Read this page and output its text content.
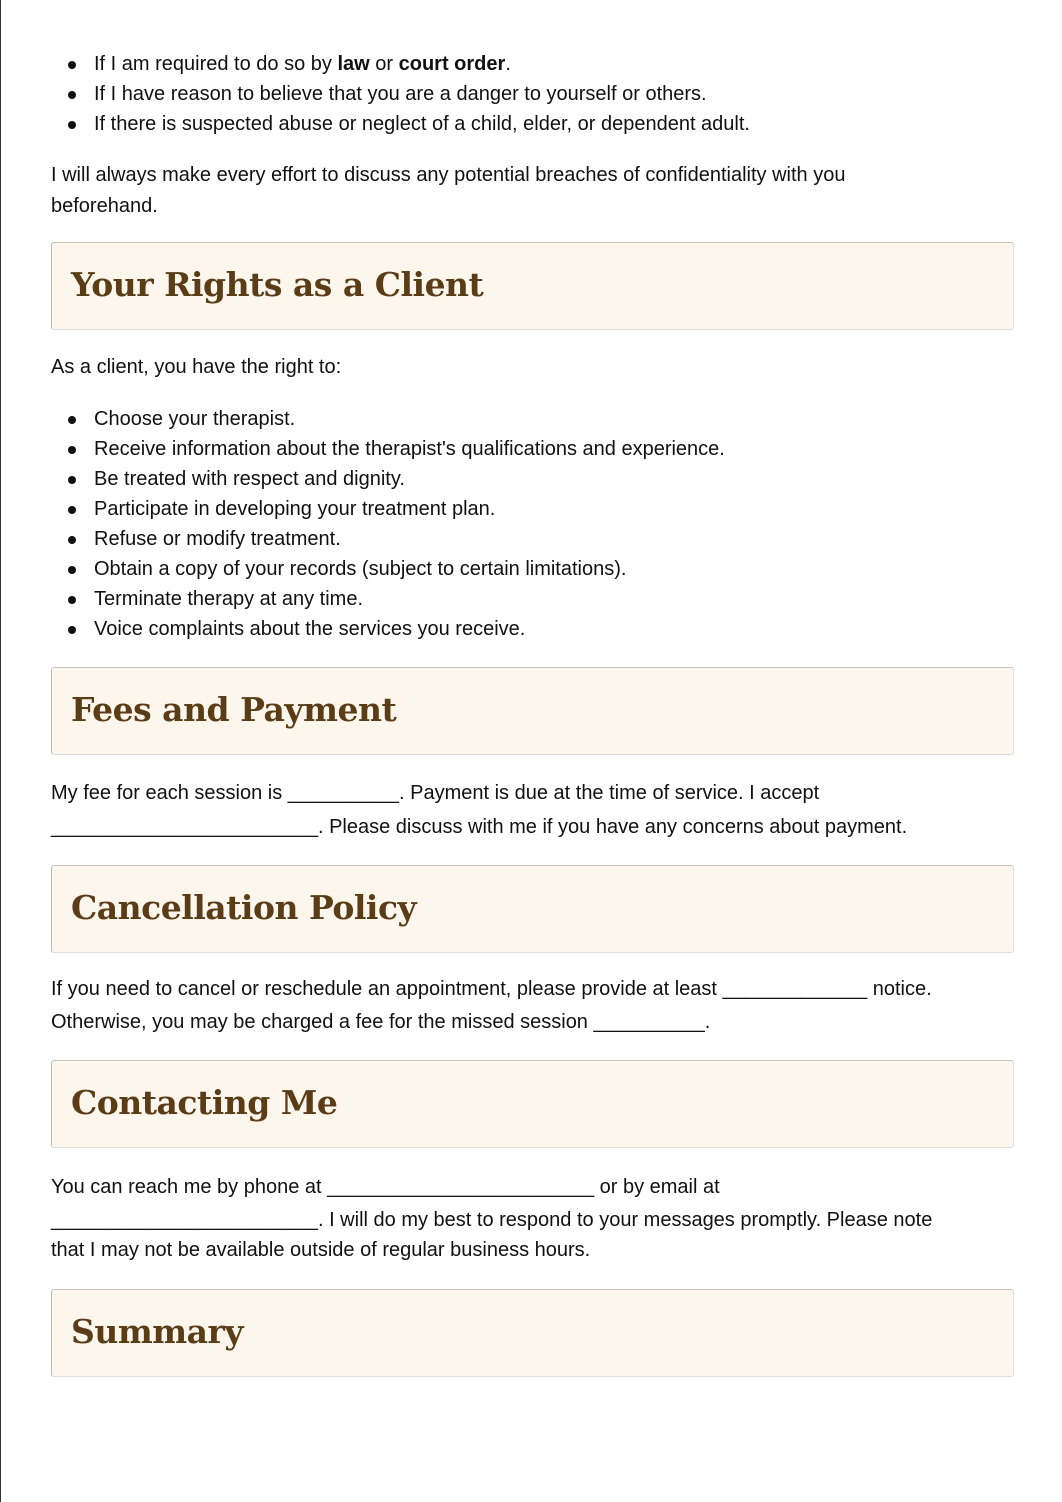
If I am required to do so by law or court order.
If I have reason to believe that you are a danger to yourself or others.
If there is suspected abuse or neglect of a child, elder, or dependent adult.

I will always make every effort to discuss any potential breaches of confidentiality with you beforehand.

Your Rights as a Client

As a client, you have the right to:

Choose your therapist.
Receive information about the therapist's qualifications and experience.
Be treated with respect and dignity.
Participate in developing your treatment plan.
Refuse or modify treatment.
Obtain a copy of your records (subject to certain limitations).
Terminate therapy at any time.
Voice complaints about the services you receive.
Fees and Payment

My fee for each session is __________. Payment is due at the time of service. I accept

________________________. Please discuss with me if you have any concerns about payment.

Cancellation Policy

If you need to cancel or reschedule an appointment, please provide at least _____________ notice.

Otherwise, you may be charged a fee for the missed session __________.

Contacting Me

You can reach me by phone at ________________________ or by email at

________________________. I will do my best to respond to your messages promptly. Please note

that I may not be available outside of regular business hours.

Summary
